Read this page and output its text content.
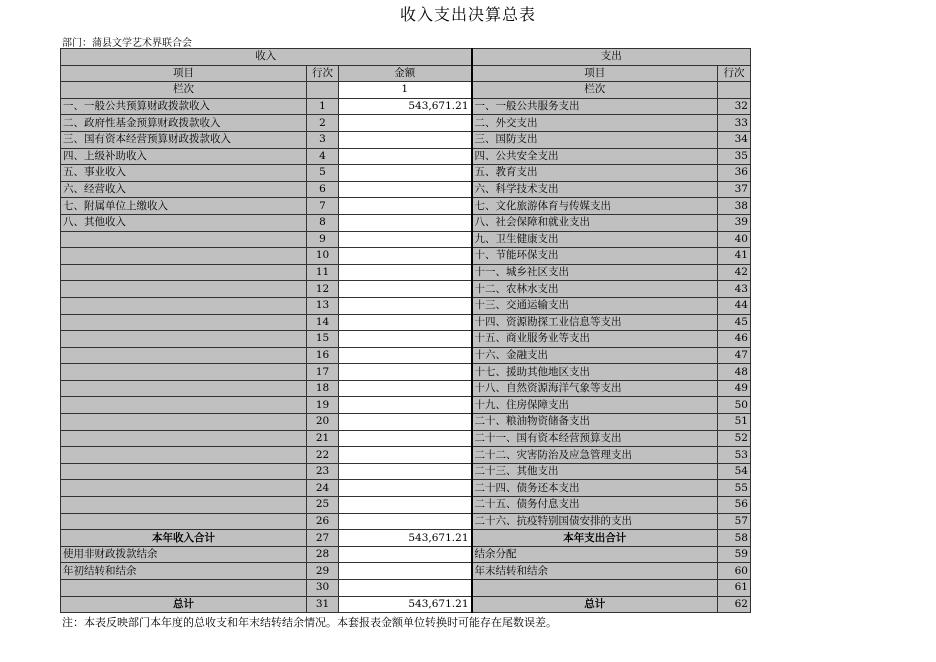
收入支出决算总表
部门：蒲县文学艺术界联合会
收入			支出	
项目	行次	金额	项目	行次
栏次		1	栏次	
一、一般公共预算财政拨款收入	1	543,671.21	一、一般公共服务支出	32
二、政府性基金预算财政拨款收入	2		二、外交支出	33
三、国有资本经营预算财政拨款收入	3		三、国防支出	34
四、上级补助收入	4		四、公共安全支出	35
五、事业收入	5		五、教育支出	36
六、经营收入	6		六、科学技术支出	37
七、附属单位上缴收入	7		七、文化旅游体育与传媒支出	38
八、其他收入	8		八、社会保障和就业支出	39
	9		九、卫生健康支出	40
	10		十、节能环保支出	41
	11		十一、城乡社区支出	42
	12		十二、农林水支出	43
	13		十三、交通运输支出	44
	14		十四、资源勘探工业信息等支出	45
	15		十五、商业服务业等支出	46
	16		十六、金融支出	47
	17		十七、援助其他地区支出	48
	18		十八、自然资源海洋气象等支出	49
	19		十九、住房保障支出	50
	20		二十、粮油物资储备支出	51
	21		二十一、国有资本经营预算支出	52
	22		二十二、灾害防治及应急管理支出	53
	23		二十三、其他支出	54
	24		二十四、债务还本支出	55
	25		二十五、债务付息支出	56
	26		二十六、抗疫特别国债安排的支出	57
本年收入合计	27	543,671.21	本年支出合计	58
使用非财政拨款结余	28		结余分配	59
年初结转和结余	29		年末结转和结余	60
	30			61
总计	31	543,671.21	总计	62
注：本表反映部门本年度的总收支和年末结转结余情况。本套报表金额单位转换时可能存在尾数误差。
